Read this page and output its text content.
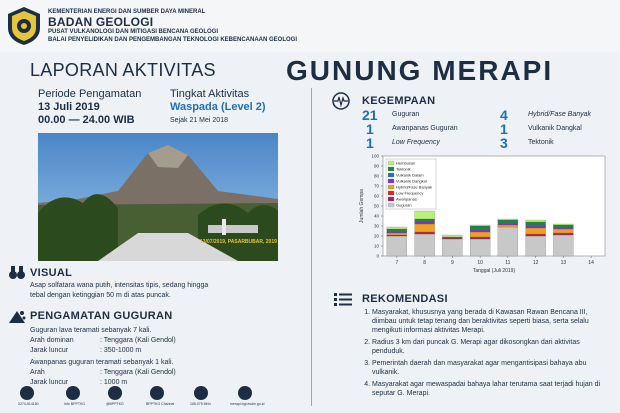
KEMENTERIAN ENERGI DAN SUMBER DAYA MINERAL
BADAN GEOLOGI
PUSAT VULKANOLOGI DAN MITIGASI BENCANA GEOLOGI
BALAI PENYELIDIKAN DAN PENGEMBANGAN TEKNOLOGI KEBENCANAAN GEOLOGI
LAPORAN AKTIVITAS	GUNUNG MERAPI
Periode Pengamatan
13 Juli 2019
00.00 — 24.00 WIB
Tingkat Aktivitas
Waspada (Level 2)
Sejak 21 Mei 2018
13/07/2019, PASARBUBAR, 2019
VISUAL
Asap solfatara wana putih, intensitas tipis, sedang hingga
tebal dengan ketinggian 50 m di atas puncak.
PENGAMATAN GUGURAN
Guguran lava teramati sebanyak 7 kali.
Arah dominan	: Tenggara (Kali Gendol)
Jarak luncur	: 350-1000 m
Awanpanas guguran teramati sebanyak 1 kali.
Arah	: Tenggara (Kali Gendol)
Jarak luncur	: 1000 m
0274-514180	Info BPPTKG	@BPPTKG	BPPTKG Channel	165.075 MHz	merapi.bgl.esdm.go.id
KEGEMPAAN
21 Guguran	4	Hybrid/Fase Banyak
1	Awanpanas Guguran	1	Vulkanik Dangkal
1	Low Frequency	3	Tektonik
0
10
20
30
40
50
60
70
80
90
100
7	8	9	10	11	12	13	14
Tanggal (Juli 2019)
Jumlah Gempa
Hembusan
Tektonik
Vulkanik Dalam
Vulkanik Dangkal
Hybrid/Fase Banyak
Low Frequency
Awanpanas
Guguran
REKOMENDASI
1. Masyarakat, khususnya yang berada di Kawasan Rawan Bencana III, diimbau untuk tetap tenang dan beraktivitas seperti biasa, serta selalu mengikuti informasi aktivitas Merapi.
2. Radius 3 km dari puncak G. Merapi agar dikosongkan dari aktivitas penduduk.
3. Pemerintah daerah dan masyarakat agar mengantisipasi bahaya abu vulkanik.
4. Masyarakat agar mewaspadai bahaya lahar terutama saat terjadi hujan di seputar G. Merapi.
